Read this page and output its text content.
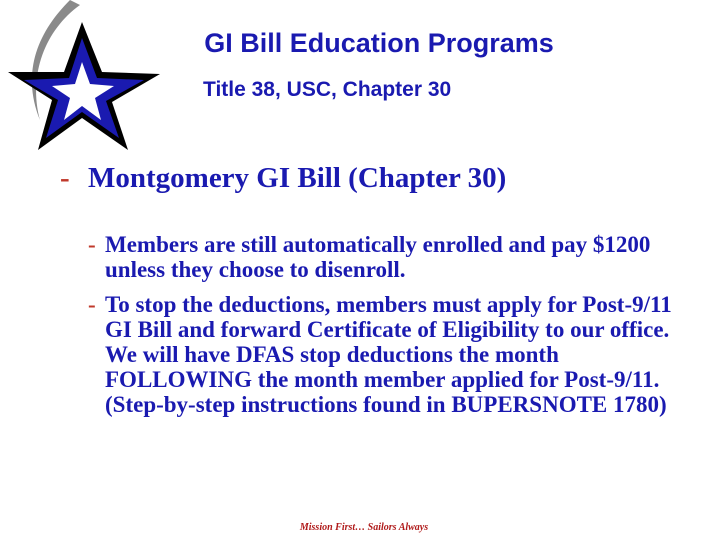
GI Bill Education Programs
Title 38, USC, Chapter 30
- Montgomery GI Bill (Chapter 30)
- Members are still automatically enrolled and pay $1200 unless they choose to disenroll.
- To stop the deductions, members must apply for Post-9/11 GI Bill and forward Certificate of Eligibility to our office. We will have DFAS stop deductions the month FOLLOWING the month member applied for Post-9/11. (Step-by-step instructions found in BUPERSNOTE 1780)
Mission First… Sailors Always
